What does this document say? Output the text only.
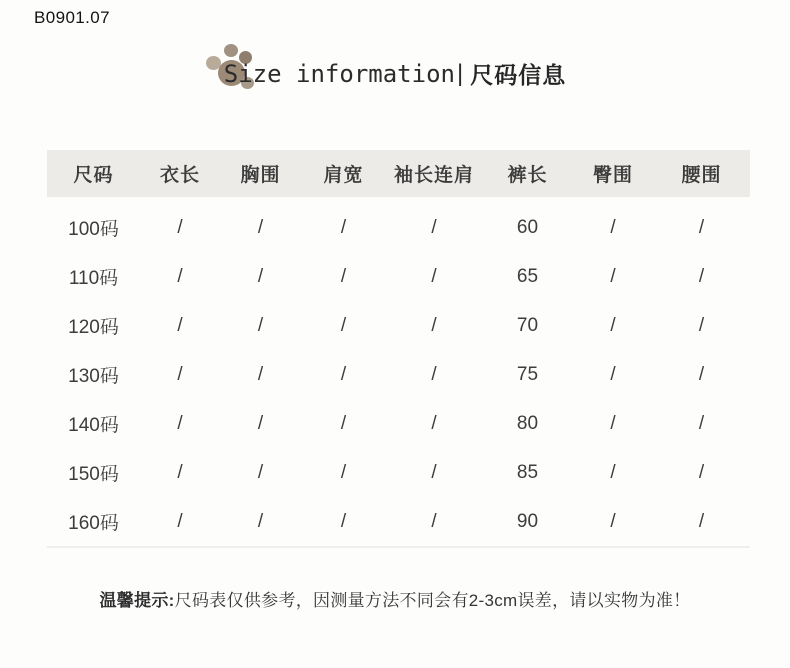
B0901.07
Size information | 尺码信息
尺码	衣长	胸围	肩宽	袖长连肩	裤长	臀围	腰围
100码	/	/	/	/	60	/	/
110码	/	/	/	/	65	/	/
120码	/	/	/	/	70	/	/
130码	/	/	/	/	75	/	/
140码	/	/	/	/	80	/	/
150码	/	/	/	/	85	/	/
160码	/	/	/	/	90	/	/
温馨提示:尺码表仅供参考，因测量方法不同会有2-3cm误差，请以实物为准！
